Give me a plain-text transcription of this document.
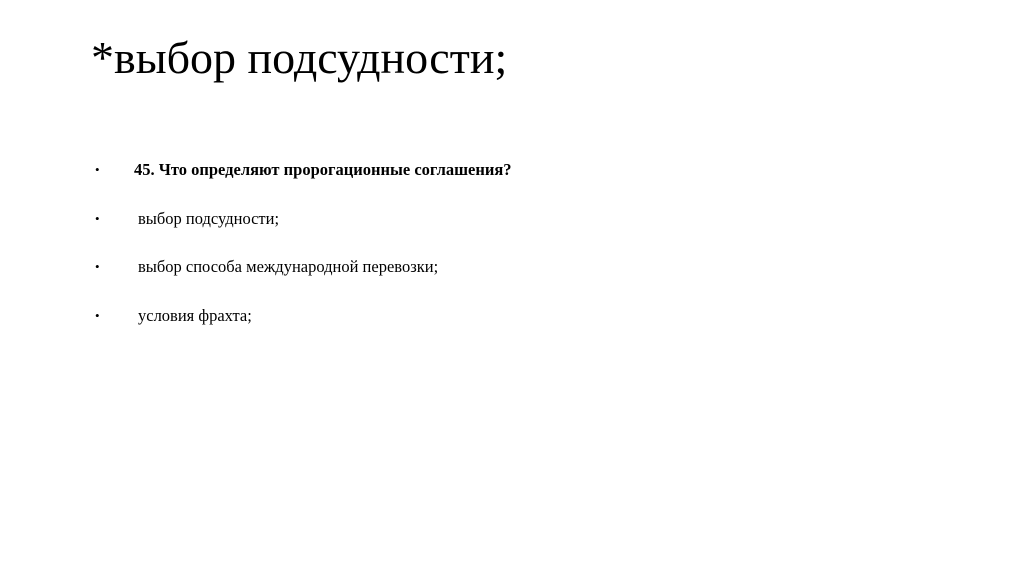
*выбор подсудности;
• 45. Что определяют пророгационные соглашения?
• выбор подсудности;
• выбор способа международной перевозки;
• условия фрахта;
